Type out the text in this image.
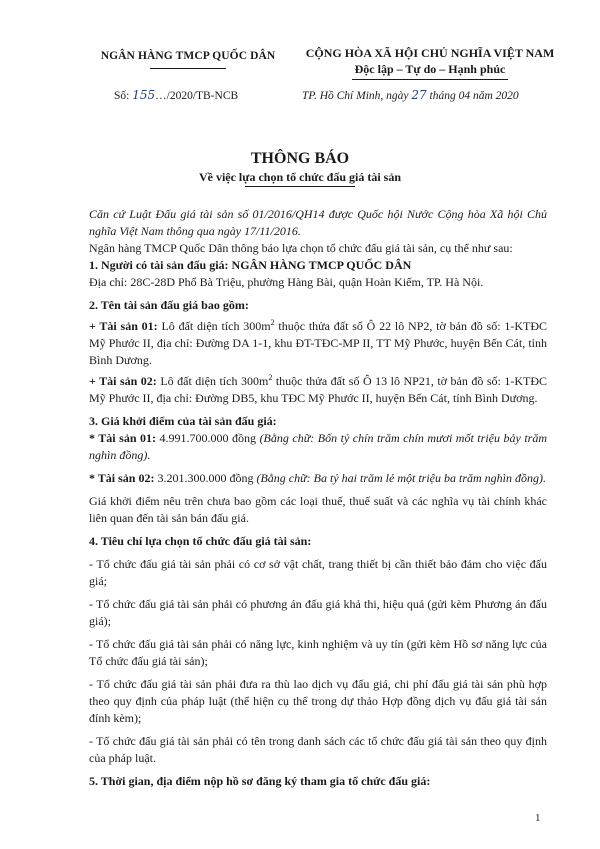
NGÂN HÀNG TMCP QUỐC DÂN	CỘNG HÒA XÃ HỘI CHỦ NGHĨA VIỆT NAM
Độc lập – Tự do – Hạnh phúc
Số: 155…/2020/TB-NCB	TP. Hồ Chí Minh, ngày 27 tháng 04 năm 2020
THÔNG BÁO
Về việc lựa chọn tổ chức đấu giá tài sản

Căn cứ Luật Đấu giá tài sản số 01/2016/QH14 được Quốc hội Nước Cộng hòa Xã hội Chủ nghĩa Việt Nam thông qua ngày 17/11/2016.

Ngân hàng TMCP Quốc Dân thông báo lựa chọn tổ chức đấu giá tài sản, cụ thể như sau:

1. Người có tài sản đấu giá: NGÂN HÀNG TMCP QUỐC DÂN

Địa chỉ: 28C-28D Phố Bà Triệu, phường Hàng Bài, quận Hoàn Kiếm, TP. Hà Nội.

2. Tên tài sản đấu giá bao gồm:

+ Tài sản 01: Lô đất diện tích $300m^2$ thuộc thửa đất số Ô 22 lô NP2, tờ bản đồ số: 1-KTĐC Mỹ Phước II, địa chỉ: Đường DA 1-1, khu ĐT-TĐC-MP II, TT Mỹ Phước, huyện Bến Cát, tỉnh Bình Dương.

+ Tài sản 02: Lô đất diện tích $300m^2$ thuộc thửa đất số Ô 13 lô NP21, tờ bản đồ số: 1-KTĐC Mỹ Phước II, địa chỉ: Đường DB5, khu TĐC Mỹ Phước II, huyện Bến Cát, tỉnh Bình Dương.

3. Giá khởi điểm của tài sản đấu giá:

* Tài sản 01: 4.991.700.000 đồng (Bằng chữ: Bốn tỷ chín trăm chín mươi mốt triệu bảy trăm nghìn đồng).

* Tài sản 02: 3.201.300.000 đồng (Bằng chữ: Ba tỷ hai trăm lẻ một triệu ba trăm nghìn đồng).

Giá khởi điểm nêu trên chưa bao gồm các loại thuế, thuế suất và các nghĩa vụ tài chính khác liên quan đến tài sản bán đấu giá.

4. Tiêu chí lựa chọn tổ chức đấu giá tài sản:

- Tổ chức đấu giá tài sản phải có cơ sở vật chất, trang thiết bị cần thiết bảo đảm cho việc đấu giá;

- Tổ chức đấu giá tài sản phải có phương án đấu giá khả thi, hiệu quả (gửi kèm Phương án đấu giá);

- Tổ chức đấu giá tài sản phải có năng lực, kinh nghiệm và uy tín (gửi kèm Hồ sơ năng lực của Tổ chức đấu giá tài sản);

- Tổ chức đấu giá tài sản phải đưa ra thù lao dịch vụ đấu giá, chi phí đấu giá tài sản phù hợp theo quy định của pháp luật (thể hiện cụ thể trong dự thảo Hợp đồng dịch vụ đấu giá tài sản đính kèm);

- Tổ chức đấu giá tài sản phải có tên trong danh sách các tổ chức đấu giá tài sản theo quy định của pháp luật.

5. Thời gian, địa điểm nộp hồ sơ đăng ký tham gia tổ chức đấu giá:

1
